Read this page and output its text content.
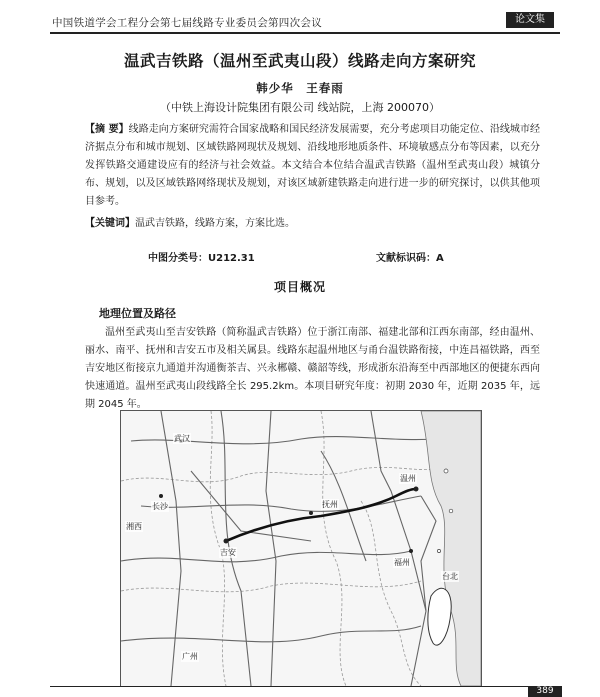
中国铁道学会工程分会第七届线路专业委员会第四次会议	论文集
温武吉铁路（温州至武夷山段）线路走向方案研究
韩少华　王春雨
（中铁上海设计院集团有限公司 线站院，上海 200070）
【摘 要】线路走向方案研究需符合国家战略和国民经济发展需要，充分考虑项目功能定位、沿线城市经济据点分布和城市规划、区域铁路网现状及规划、沿线地形地质条件、环境敏感点分布等因素，以充分发挥铁路交通建设应有的经济与社会效益。本文结合本位结合温武吉铁路（温州至武夷山段）城镇分布、规划，以及区域铁路网络现状及规划，对该区域新建铁路走向进行进一步的研究探讨，以供其他项目参考。
【关键词】温武吉铁路，线路方案，方案比选。
中图分类号：U212.31	文献标识码：A
项目概况
地理位置及路径
温州至武夷山至吉安铁路（简称温武吉铁路）位于浙江南部、福建北部和江西东南部，经由温州、丽水、南平、抚州和吉安五市及相关属县。线路东起温州地区与甬台温铁路衔接，中连昌福铁路，西至吉安地区衔接京九通道并沟通衡茶吉、兴永郴赣、赣韶等线，形成浙东沿海至中西部地区的便捷东西向快速通道。温州至武夷山段线路全长 295.2km。本项目研究年度：初期 2030 年，近期 2035 年，远期 2045 年。
武汉
湘西
抚州
长沙
吉安
温州
福州
台北
广州
389
